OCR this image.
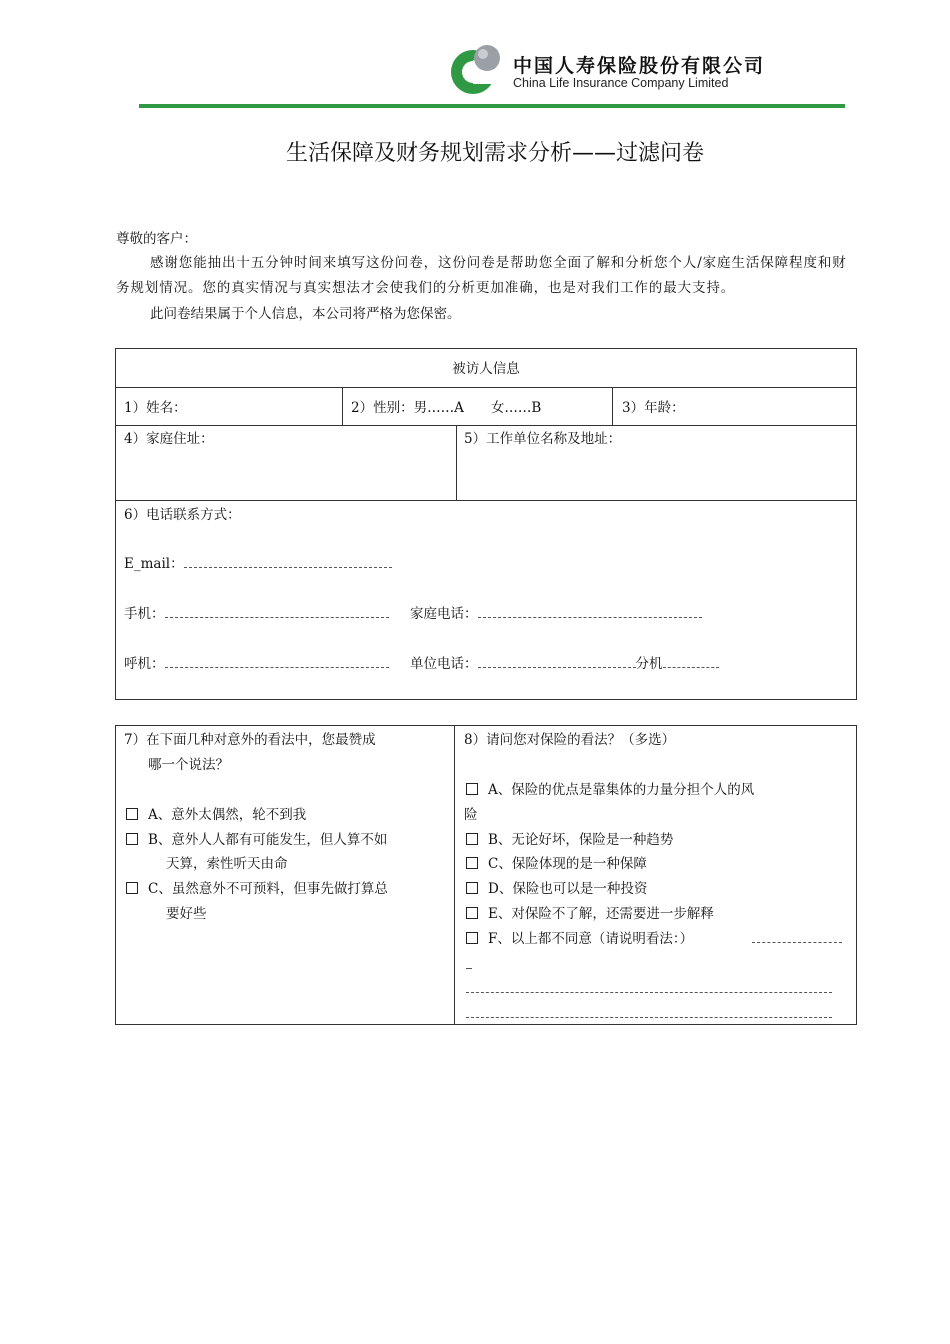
中国人寿保险股份有限公司
China Life Insurance Company Limited
生活保障及财务规划需求分析——过滤问卷
尊敬的客户：
感谢您能抽出十五分钟时间来填写这份问卷，这份问卷是帮助您全面了解和分析您个人/家庭生活保障程度和财务规划情况。您的真实情况与真实想法才会使我们的分析更加准确，也是对我们工作的最大支持。
此问卷结果属于个人信息，本公司将严格为您保密。
被访人信息
1）姓名：	2）性别：男……A　　女……B	3）年龄：
4）家庭住址：	5）工作单位名称及地址：
6）电话联系方式：
E_mail：
手机：	家庭电话：
呼机：	单位电话：	分机
7）在下面几种对意外的看法中，您最赞成
哪一个说法？
A、意外太偶然，轮不到我
B、意外人人都有可能发生，但人算不如
天算，索性听天由命
C、虽然意外不可预料，但事先做打算总
要好些
8）请问您对保险的看法？（多选）
A、保险的优点是靠集体的力量分担个人的风
险
B、无论好坏，保险是一种趋势
C、保险体现的是一种保障
D、保险也可以是一种投资
E、对保险不了解，还需要进一步解释
F、以上都不同意（请说明看法：）
